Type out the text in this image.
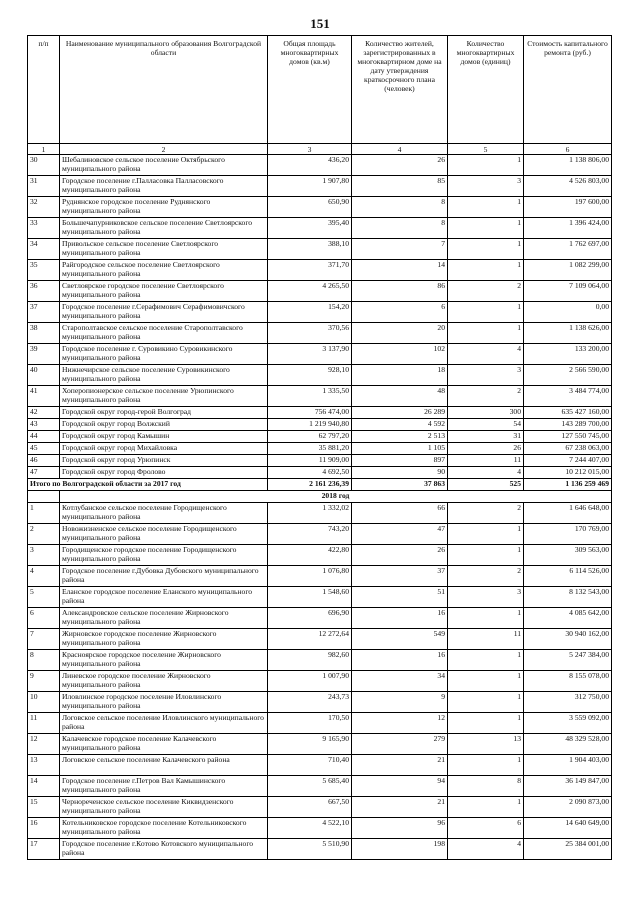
151
п/п	Наименование муниципального образования Волгоградской области	Общая площадь многоквартирных домов (кв.м)	Количество жителей, зарегистрированных в многоквартирном доме на дату утверждения краткосрочного плана (человек)	Количество многоквартирных домов (единиц)	Стоимость капитального ремонта (руб.)
1	2	3	4	5	6
30	Шебалиновское сельское поселение Октябрьского муниципального района	436,20	26	1	1 138 806,00
31	Городское поселение г.Палласовка Палласовского муниципального района	1 907,80	85	3	4 526 803,00
32	Руднянское городское поселение Руднянского муниципального района	650,90	8	1	197 600,00
33	Большечапурниковское сельское поселение Светлоярского муниципального района	395,40	8	1	1 396 424,00
34	Привольское сельское поселение Светлоярского муниципального района	388,10	7	1	1 762 697,00
35	Райгородское сельское поселение Светлоярского муниципального района	371,70	14	1	1 082 299,00
36	Светлоярское городское поселение Светлоярского муниципального района	4 265,50	86	2	7 109 064,00
37	Городское поселение г.Серафимович Серафимовичского муниципального района	154,20	6	1	0,00
38	Старополтавское сельское поселение Старополтавского муниципального района	370,56	20	1	1 138 626,00
39	Городское поселение г. Суровикино Суровикинского муниципального района	3 137,90	102	4	133 200,00
40	Нижнечирское сельское поселение Суровикинского муниципального района	928,10	18	3	2 566 590,00
41	Хоперопионерское сельское поселение Урюпинского муниципального района	1 335,50	48	2	3 484 774,00
42	Городской округ город-герой Волгоград	756 474,00	26 289	300	635 427 160,00
43	Городской округ город Волжский	1 219 940,80	4 592	54	143 289 700,00
44	Городской округ город Камышин	62 797,20	2 513	31	127 550 745,00
45	Городской округ город Михайловка	35 881,20	1 105	26	67 238 063,00
46	Городской округ город Урюпинск	11 909,00	897	11	7 244 407,00
47	Городской округ город Фролово	4 692,50	90	4	10 212 015,00
Итого по Волгоградской области за 2017 год		2 161 236,39	37 863	525	1 136 259 469
	2018 год				
1	Котлубанское сельское поселение Городищенского муниципального района	1 332,02	66	2	1 646 648,00
2	Новожизненское сельское поселение Городищенского муниципального района	743,20	47	1	170 769,00
3	Городищенское городское поселение Городищенского муниципального района	422,80	26	1	309 563,00
4	Городское поселение г.Дубовка Дубовского муниципального района	1 076,80	37	2	6 114 526,00
5	Еланское городское поселение Еланского муниципального района	1 548,60	51	3	8 132 543,00
6	Александровское сельское поселение Жирновского муниципального района	696,90	16	1	4 085 642,00
7	Жирновское городское поселение Жирновского муниципального района	12 272,64	549	11	30 940 162,00
8	Красноярское городское поселение Жирновского муниципального района	982,60	16	1	5 247 384,00
9	Линевское городское поселение Жирновского муниципального района	1 007,90	34	1	8 155 078,00
10	Иловлинское городское поселение Иловлинского муниципального района	243,73	9	1	312 750,00
11	Логовское сельское поселение Иловлинского муниципального района	170,50	12	1	3 559 092,00
12	Калачевское городское поселение Калачевского муниципального района	9 165,90	279	13	48 329 528,00
13	Логовское сельское поселение Калачевского района	710,40	21	1	1 904 403,00
14	Городское поселение г.Петров Вал Камышинского муниципального района	5 685,40	94	8	36 149 847,00
15	Чернореченское сельское поселение Киквидзенского муниципального района	667,50	21	1	2 090 873,00
16	Котельниковское городское поселение Котельниковского муниципального района	4 522,10	96	6	14 640 649,00
17	Городское поселение г.Котово Котовского муниципального района	5 510,90	198	4	25 384 001,00
